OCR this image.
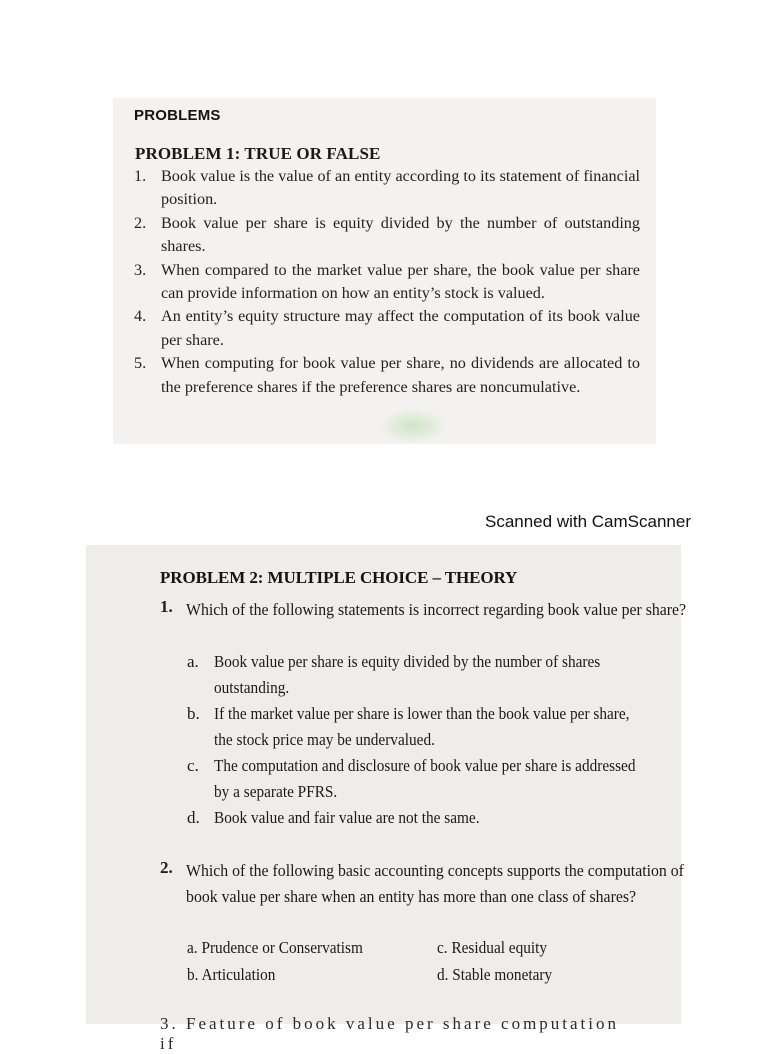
PROBLEMS
PROBLEM 1: TRUE OR FALSE
1. Book value is the value of an entity according to its statement of financial position.
2. Book value per share is equity divided by the number of outstanding shares.
3. When compared to the market value per share, the book value per share can provide information on how an entity’s stock is valued.
4. An entity’s equity structure may affect the computation of its book value per share.
5. When computing for book value per share, no dividends are allocated to the preference shares if the preference shares are noncumulative.
Scanned with CamScanner
PROBLEM 2: MULTIPLE CHOICE – THEORY
1. Which of the following statements is incorrect regarding book value per share?
a. Book value per share is equity divided by the number of shares outstanding.
b. If the market value per share is lower than the book value per share, the stock price may be undervalued.
c. The computation and disclosure of book value per share is addressed by a separate PFRS.
d. Book value and fair value are not the same.
2. Which of the following basic accounting concepts supports the computation of book value per share when an entity has more than one class of shares?
a. Prudence or Conservatism	c. Residual equity
b. Articulation	d. Stable monetary
3. Feature of book value per share computation if
